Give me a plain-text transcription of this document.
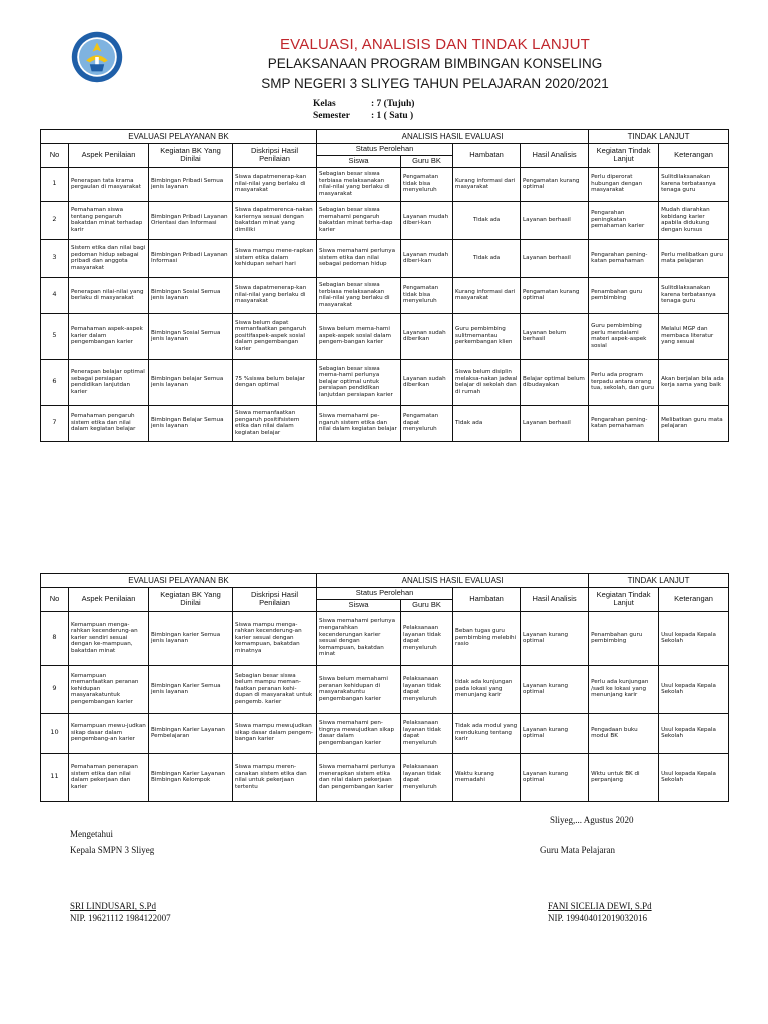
EVALUASI, ANALISIS DAN TINDAK LANJUT
PELAKSANAAN PROGRAM BIMBINGAN KONSELING
SMP NEGERI 3 SLIYEG TAHUN PELAJARAN 2020/2021
Kelas	: 7 (Tujuh)
Semester : 1 ( Satu )
EVALUASI PELAYANAN BK				ANALISIS HASIL EVALUASI				TINDAK LANJUT	
No	Aspek Penilaian	Kegiatan BK Yang Dinilai	Diskripsi Hasil Penilaian	Status Perolehan		Hambatan	Hasil Analisis	Kegiatan Tindak Lanjut	Keterangan
				Siswa	Guru BK				
1	Penerapan tata krama pergaulan di masyarakat	Bimbingan Pribadi Semua jenis layanan	Siswa dapatmenerap-kan nilai-nilai yang berlaku di masyarakat	Sebagian besar siswa terbiasa melaksanakan nilai-nilai yang berlaku di masyarakat	Pengamatan tidak bisa menyeluruh	Kurang informasi dari masyarakat	Pengamatan kurang optimal	Perlu diperorat hubungan dengan masyarakat	Sulitdilaksanakan karena terbatasnya tenaga guru
2	Pemahaman siswa tentang pengaruh bakatdan minat terhadap karir	Bimbingan Pribadi Layanan Orientasi dan Informasi	Siswa dapatmerenca-nakan kariernya sesuai dengan bakatdan minat yang dimiliki	Sebagian besar siswa memahami pengaruh bakatdan minat terha-dap karier	Layanan mudah diberi-kan	Tidak ada	Layanan berhasil	Pengarahan peningkatan pemahaman karier	Mudah diarahkan kebidang karier apabila didukung dengan kursus
3	Sistem etika dan nilai bagi pedoman hidup sebagai pribadi dan anggota masyarakat	Bimbingan Pribadi Layanan Informasi	Siswa mampu mene-rapkan sistem etika dalam kehidupan sehari hari	Siswa memahami perlunya sistem etika dan nilai sebagai pedoman hidup	Layanan mudah diberi-kan	Tidak ada	Layanan berhasil	Pengarahan pening-katan pemahaman	Perlu melibatkan guru mata pelajaran
4	Penerapan nilai-nilai yang berlaku di masyarakat	Bimbingan Sosial Semua jenis layanan	Siswa dapatmenerap-kan nilai-nilai yang berlaku di masyarakat	Sebagian besar siswa terbiasa melaksanakan nilai-nilai yang berlaku di masyarakat	Pengamatan tidak bisa menyeluruh	Kurang informasi dari masyarakat	Pengamatan kurang optimal	Penambahan guru pembimbing	Sulitdilaksanakan karena terbatasnya tenaga guru
5	Pemahaman aspek-aspek karier dalam pengembangan karier	Bimbingan Sosial Semua jenis layanan	Siswa belum dapat memanfaatkan pengaruh positifaspek-aspek sosial dalam pengembangan karier	Siswa belum mema-hami aspek-aspek sosial dalam pengem-bangan karier	Layanan sudah diberikan	Guru pembimbing sulitmemantau perkembangan klien	Layanan belum berhasil	Guru pembimbing perlu mendalami materi aspek-aspek sosial	Melalui MGP dan membaca literatur yang sesuai
6	Penerapan belajar optimal sebagai persiapan pendidikan lanjutdan karier	Bimbingan belajar Semua jenis layanan	75 %siswa belum belajar dengan optimal	Sebagian besar siswa mema-hami perlunya belajar optimal untuk persiapan pendidikan lanjutdan persiapan karier	Layanan sudah diberikan	Siswa belum disiplin melaksa-nakan jadwal belajar di sekolah dan di rumah	Belajar optimal belum dibudayakan	Perlu ada program terpadu antara orang tua, sekolah, dan guru	Akan berjalan bila ada kerja sama yang baik
7	Pemahaman pengaruh sistem etika dan nilai dalam kegiatan belajar	Bimbingan Belajar Semua jenis layanan	Siswa memanfaatkan pengaruh positifsistem etika dan nilai dalam kegiatan belajar	Siswa memahami pe-ngaruh sistem etika dan nilai dalam kegiatan belajar	Pengamatan dapat menyeluruh	Tidak ada	Layanan berhasil	Pengarahan pening-katan pemahaman	Melibatkan guru mata pelajaran
EVALUASI PELAYANAN BK				ANALISIS HASIL EVALUASI				TINDAK LANJUT	
No	Aspek Penilaian	Kegiatan BK Yang Dinilai	Diskripsi Hasil Penilaian	Status Perolehan		Hambatan	Hasil Analisis	Kegiatan Tindak Lanjut	Keterangan
				Siswa	Guru BK				
8	Kemampuan menga-rahkan kecenderung-an karier sendiri sesuai dengan ke-mampuan, bakatdan minat	Bimbingan karier Semua jenis layanan	Siswa mampu menga-rahkan kecenderung-an karier sesuai dengan kemampuan, bakatdan minatnya	Siswa memahami perlunya mengarahkan kecenderungan karier sesuai dengan kemampuan, bakatdan minat	Pelaksanaan layanan tidak dapat menyeluruh	Beban tugas guru pembimbing melebihi rasio	Layanan kurang optimal	Penambahan guru pembimbing	Usul kepada Kepala Sekolah
9	Kemampuan memanfaatkan peranan kehidupan masyarakatuntuk pengembangan karier	Bimbingan Karier Semua jenis layanan	Sebagian besar siswa belum mampu meman-faatkan peranan kehi-dupan di masyarakat untuk pengemb. karier	Siswa belum memahami peranan kehidupan di masyarakatuntu pengembangan karier	Pelaksanaan layanan tidak dapat menyeluruh	tidak ada kunjungan pada lokasi yang menunjang karir	Layanan kurang optimal	Perlu ada kunjungan /sadi ke lokasi yang menunjang karir	Usul kepada Kepala Sekolah
10	Kemampuan mewu-judkan sikap dasar dalam pengembang-an karier	Bimbingan Karier Layanan Pembelajaran	Siswa mampu mewujudkan sikap dasar dalam pengem-bangan karier	Siswa memahami pen-tingnya mewujudkan sikap dasar dalam pengembangan karier	Pelaksanaan layanan tidak dapat menyeluruh	Tidak ada modul yang mendukung tentang karir	Layanan kurang optimal	Pengadaan buku modul BK	Usul kepada Kepala Sekolah
11	Pemahaman penerapan sistem etika dan nilai dalam pekerjaan dan karier	Bimbingan Karier Layanan Bimbingan Kelompok	Siswa mampu meren-canakan sistem etika dan nilai untuk pekerjaan tertentu	Siswa memahami perlunya menerapkan sistem etika dan nilai dalam pekerjaan dan pengembangan karier	Pelaksanaan layanan tidak dapat menyeluruh	Waktu kurang memadahi	Layanan kurang optimal	Wktu untuk BK di perpanjang	Usul kepada Kepala Sekolah
Sliyeg,... Agustus 2020
Mengetahui
Kepala SMPN 3 Sliyeg	Guru Mata Pelajaran
SRI LINDUSARI, S.Pd
NIP. 19621112 1984122007
FANI SICELIA DEWI, S.Pd
NIP. 199404012019032016
